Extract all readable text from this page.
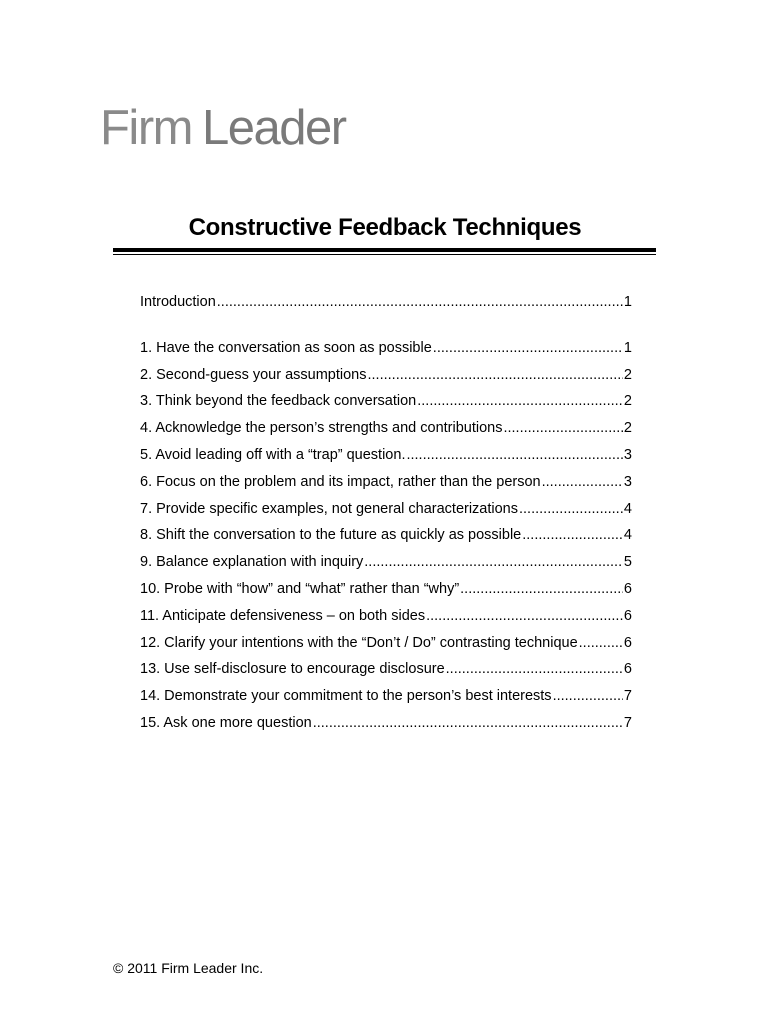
Firm Leader
Constructive Feedback Techniques
Introduction .....	1
1. Have the conversation as soon as possible .....	1
2. Second-guess your assumptions .....	2
3. Think beyond the feedback conversation .....	2
4. Acknowledge the person’s strengths and contributions .....	2
5. Avoid leading off with a “trap” question. .....	3
6. Focus on the problem and its impact, rather than the person .....	3
7. Provide specific examples, not general characterizations .....	4
8. Shift the conversation to the future as quickly as possible .....	4
9. Balance explanation with inquiry .....	5
10. Probe with “how” and “what” rather than “why” .....	6
11. Anticipate defensiveness – on both sides .....	6
12. Clarify your intentions with the “Don’t / Do” contrasting technique .....	6
13. Use self-disclosure to encourage disclosure .....	6
14. Demonstrate your commitment to the person’s best interests .....	7
15. Ask one more question .....	7
© 2011 Firm Leader Inc.
